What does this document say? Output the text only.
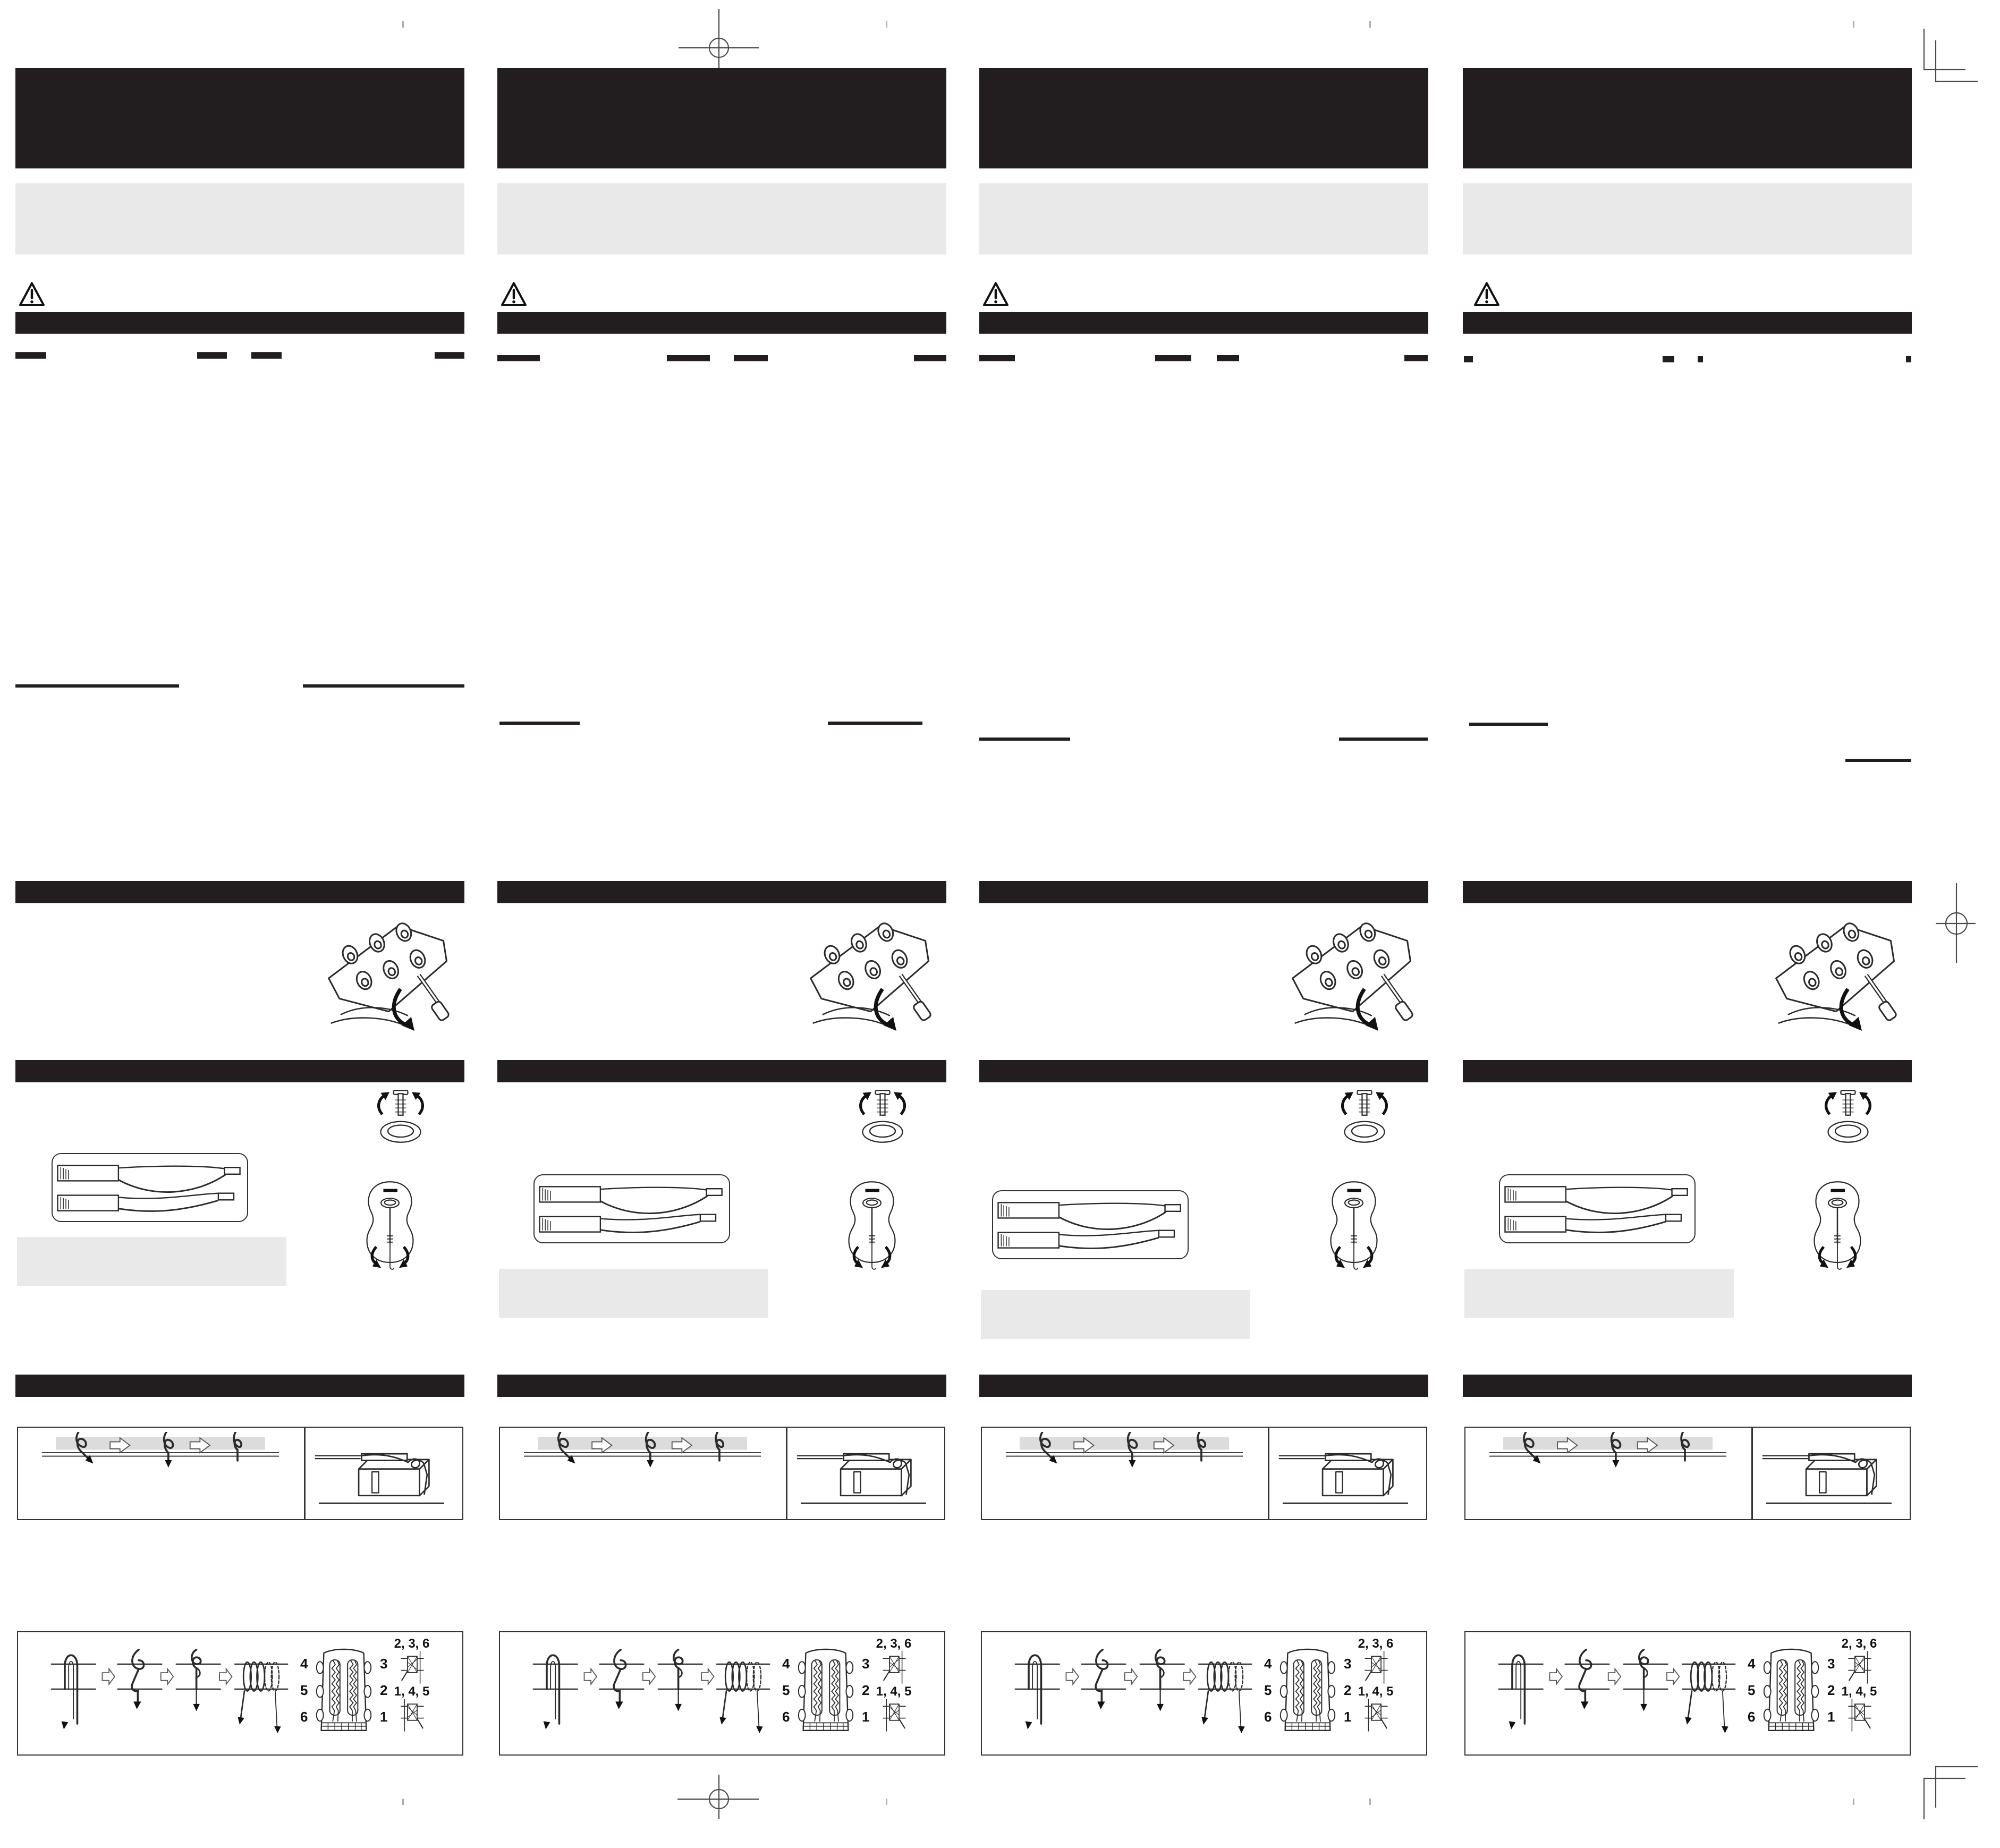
4
5
6
3
2
1
2, 3, 6
1, 4, 5
4
5
6
3
2
1
2, 3, 6
1, 4, 5
4
5
6
3
2
1
2, 3, 6
1, 4, 5
4
5
6
3
2
1
2, 3, 6
1, 4, 5
